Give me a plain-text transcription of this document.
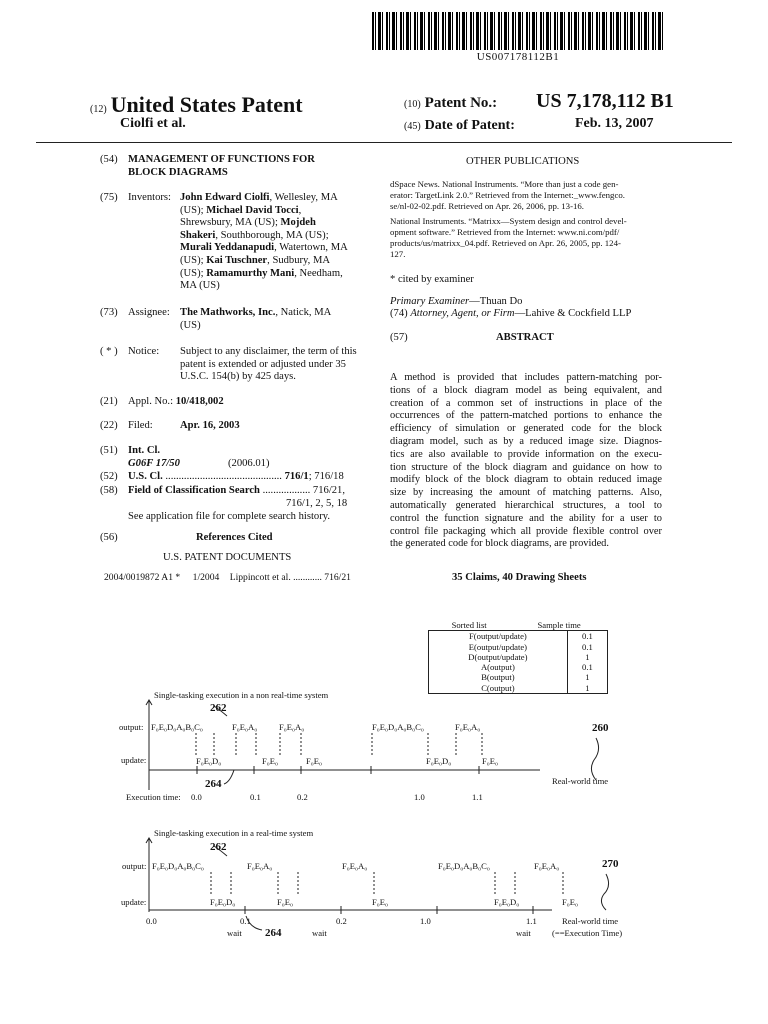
US007178112B1
(12) United States Patent
Ciolfi et al.
(10) Patent No.: US 7,178,112 B1
(45) Date of Patent:	Feb. 13, 2007
(54) MANAGEMENT OF FUNCTIONS FOR
BLOCK DIAGRAMS
(75) Inventors: John Edward Ciolfi, Wellesley, MA
(US); Michael David Tocci,
Shrewsbury, MA (US); Mojdeh
Shakeri, Southborough, MA (US);
Murali Yeddanapudi, Watertown, MA
(US); Kai Tuschner, Sudbury, MA
(US); Ramamurthy Mani, Needham,
MA (US)
(73) Assignee: The Mathworks, Inc., Natick, MA
(US)
( * ) Notice: Subject to any disclaimer, the term of this
patent is extended or adjusted under 35
U.S.C. 154(b) by 425 days.
(21) Appl. No.: 10/418,002
(22) Filed:	Apr. 16, 2003
(51) Int. Cl.
G06F 17/50	(2006.01)
(52) U.S. Cl. ............................................ 716/1; 716/18
(58) Field of Classification Search .................. 716/21,
716/1, 2, 5, 18
See application file for complete search history.
(56)	References Cited
U.S. PATENT DOCUMENTS
2004/0019872 A1 * 1/2004 Lippincott et al. ............ 716/21
OTHER PUBLICATIONS
dSpace News. National Instruments. “More than just a code gen-
erator: TargetLink 2.0.” Retrieved from the Internet:_www.fengco.
se/nl-02-02.pdf. Retrieved on Apr. 26, 2006, pp. 13-16.
National Instruments. “Matrixx—System design and control devel-
opment software.” Retrieved from the Internet: www.ni.com/pdf/
products/us/matrixx_04.pdf. Retrieved on Apr. 26, 2005, pp. 124-
127.
* cited by examiner
Primary Examiner—Thuan Do
(74) Attorney, Agent, or Firm—Lahive & Cockfield LLP
(57)	ABSTRACT
A method is provided that includes pattern-matching por-
tions of a block diagram model as being equivalent, and
creation of a common set of instructions in place of the
occurrences of the pattern-matched portions to enhance the
efficiency of simulation or generated code for the block
diagram model, such as by a reduced image size. Diagnos-
tics are also available to provide information on the execu-
tion structure of the block diagram and guidance on how to
modify block of the block diagram to obtain reduced image
size by increasing the amount of matching patterns. Also,
automatically generated hierarchical structures, a tool to
control the function signature and the ability for a user to
control file packaging which all provide flexible control over
the generated code for block diagrams, are provided.
35 Claims, 40 Drawing Sheets
Sorted list	Sample time
F(output/update)	0.1
E(output/update)	0.1
D(output/update)	1
A(output)	0.1
B(output)	1
C(output)	1
Single-tasking execution in a non real-time system
262
260
264
output:
update:
F₀E₀D₀A₀B₀C₀	F₀E₀A₀	F₀E₀A₀	F₀E₀D₀A₀B₀C₀	F₀E₀A₀
F₀E₀D₀	F₀E₀	F₀E₀	F₀E₀D₀	F₀E₀
Execution time: 0.0	0.1	0.2	1.0	1.1
Real-world time
Single-tasking execution in a real-time system
262
270
264
output:
update:
F₀E₀D₀A₀B₀C₀	F₀E₀A₀	F₀E₀A₀	F₀E₀D₀A₀B₀C₀	F₀E₀A₀
F₀E₀D₀	F₀E₀	F₀E₀	F₀E₀D₀	F₀E₀
0.0	0.1	0.2	1.0	1.1
wait	wait	wait
Real-world time
(==Execution Time)
